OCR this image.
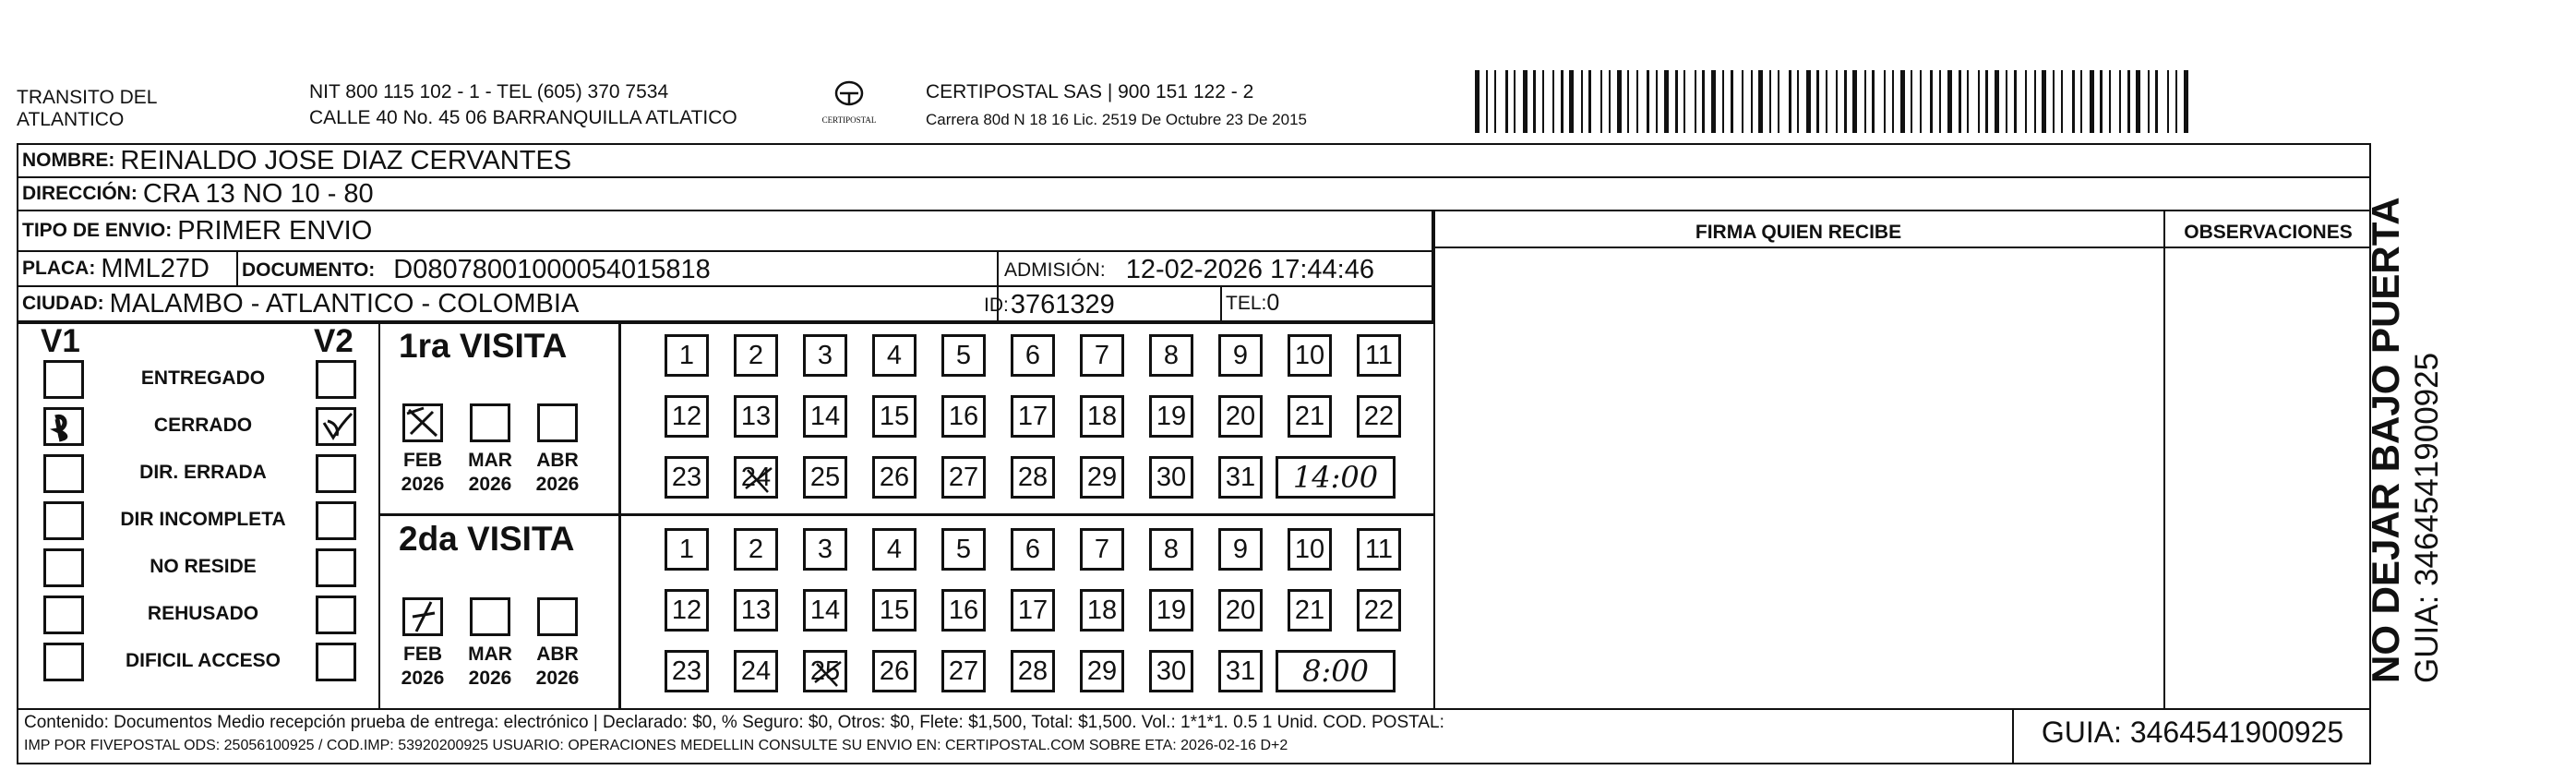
TRANSITO DEL
ATLANTICO
NIT 800 115 102 - 1 - TEL (605) 370 7534
CALLE 40 No. 45 06 BARRANQUILLA ATLATICO	CERTIPOSTAL
CERTIPOSTAL SAS | 900 151 122 - 2
Carrera 80d N 18 16 Lic. 2519 De Octubre 23 De 2015
NOMBRE: REINALDO JOSE DIAZ CERVANTES
DIRECCIÓN: CRA 13 NO 10 - 80
TIPO DE ENVIO: PRIMER ENVIO
PLACA: MML27D DOCUMENTO: D08078001000054015818	ADMISIÓN: 12-02-2026 17:44:46
CIUDAD: MALAMBO - ATLANTICO - COLOMBIA	ID: 3761329	TEL: 0
FIRMA QUIEN RECIBE	OBSERVACIONES
V1	V2
ENTREGADO
CERRADO
DIR. ERRADA
DIR INCOMPLETA
NO RESIDE
REHUSADO
DIFICIL ACCESO
1ra VISITA
2da VISITA
FEB
2026
MAR
2026
ABR
2026
1 2 3 4 5 6 7 8 9 10 11
12 13 14 15 16 17 18 19 20 21 22
23 24 25 26 27 28 29 30 31 14:00
FEB
2026
MAR
2026
ABR
2026
1 2 3 4 5 6 7 8 9 10 11
12 13 14 15 16 17 18 19 20 21 22
23 24 25 26 27 28 29 30 31 8:00	NO DEJAR BAJO PUERTA GUIA: 3464541900925
Contenido: Documentos Medio recepción prueba de entrega: electrónico | Declarado: $0, % Seguro: $0, Otros: $0, Flete: $1,500, Total: $1,500. Vol.: 1*1*1. 0.5 1 Unid. COD. POSTAL:
IMP POR FIVEPOSTAL ODS: 25056100925 / COD.IMP: 53920200925 USUARIO: OPERACIONES MEDELLIN CONSULTE SU ENVIO EN: CERTIPOSTAL.COM SOBRE ETA: 2026-02-16 D+2	GUIA: 3464541900925
